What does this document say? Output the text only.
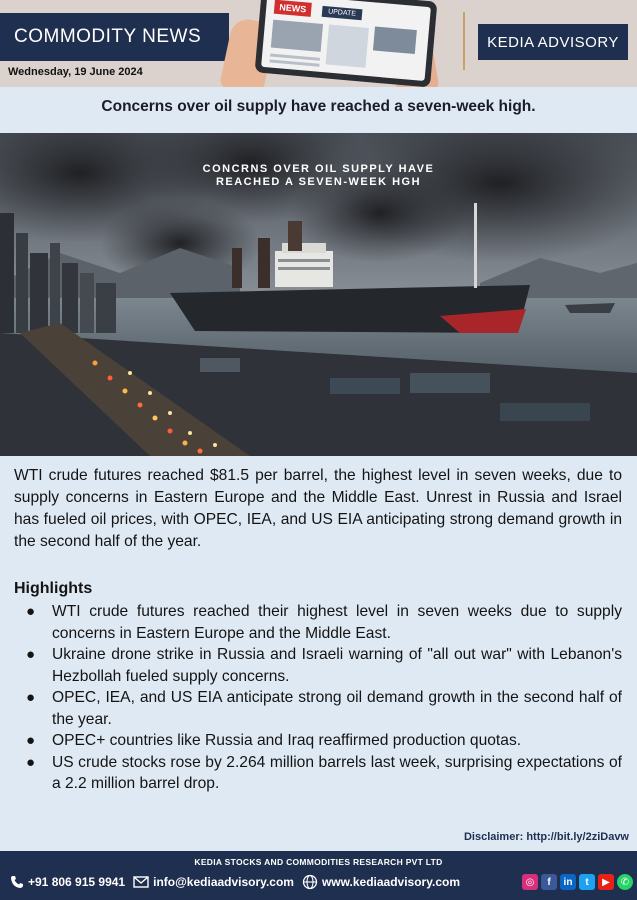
COMMODITY NEWS
Wednesday, 19 June 2024
NEWS	UPDATE
KEDIA ADVISORY
Concerns over oil supply have reached a seven-week high.
CONCRNS OVER OIL SUPPLY HAVE
REACHED A SEVEN-WEEK HGH

WTI crude futures reached $81.5 per barrel, the highest level in seven weeks, due to supply concerns in Eastern Europe and the Middle East. Unrest in Russia and Israel has fueled oil prices, with OPEC, IEA, and US EIA anticipating strong demand growth in the second half of the year.

Highlights
● WTI crude futures reached their highest level in seven weeks due to supply concerns in Eastern Europe and the Middle East.
● Ukraine drone strike in Russia and Israeli warning of "all out war" with Lebanon's Hezbollah fueled supply concerns.
● OPEC, IEA, and US EIA anticipate strong oil demand growth in the second half of the year.
● OPEC+ countries like Russia and Iraq reaffirmed production quotas.
● US crude stocks rose by 2.264 million barrels last week, surprising expectations of a 2.2 million barrel drop.
Disclaimer: http://bit.ly/2ziDavw
KEDIA STOCKS AND COMMODITIES RESEARCH PVT LTD
+91 806 915 9941 info@kediaadvisory.com www.kediaadvisory.com	◎	f	in	t	▶	✆
